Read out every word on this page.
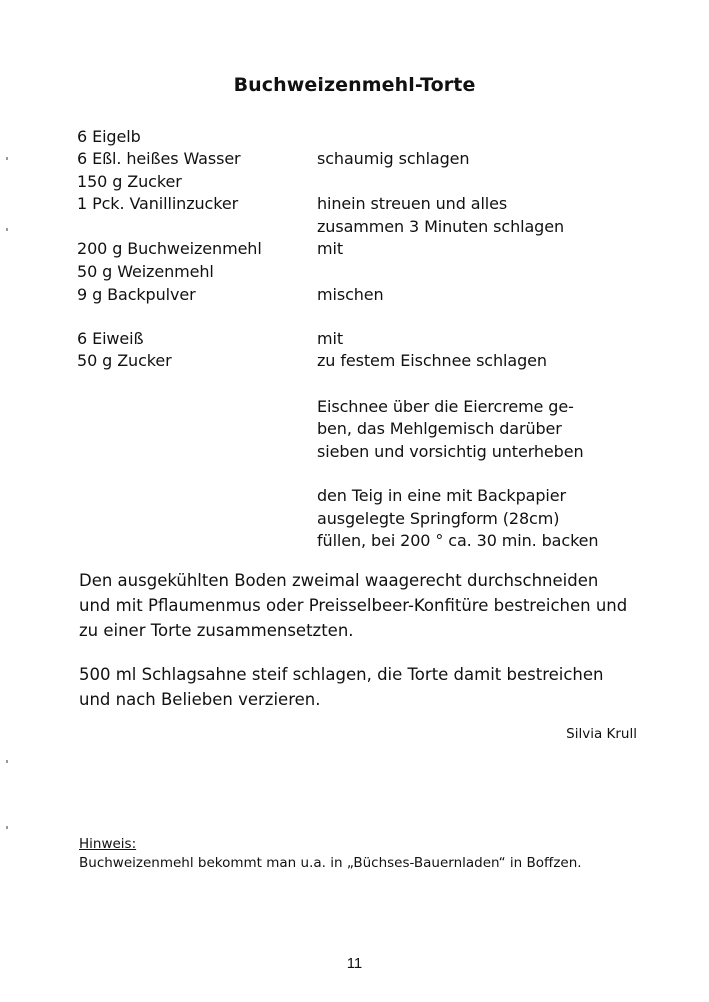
Buchweizenmehl-Torte
6 Eigelb
6 Eßl. heißes Wasser
150 g Zucker
1 Pck. Vanillinzucker
200 g Buchweizenmehl
50 g Weizenmehl
9 g Backpulver
6 Eiweiß
50 g Zucker
schaumig schlagen
hinein streuen und alles
zusammen 3 Minuten schlagen
mit
mischen
mit
zu festem Eischnee schlagen
Eischnee über die Eiercreme ge-
ben, das Mehlgemisch darüber
sieben und vorsichtig unterheben
den Teig in eine mit Backpapier
ausgelegte Springform (28cm)
füllen, bei 200 ° ca. 30 min. backen
Den ausgekühlten Boden zweimal waagerecht durchschneiden
und mit Pflaumenmus oder Preisselbeer-Konfitüre bestreichen und
zu einer Torte zusammensetzten.
500 ml Schlagsahne steif schlagen, die Torte damit bestreichen
und nach Belieben verzieren.
Silvia Krull
Hinweis:
Buchweizenmehl bekommt man u.a. in „Büchses-Bauernladen“ in Boffzen.
11
